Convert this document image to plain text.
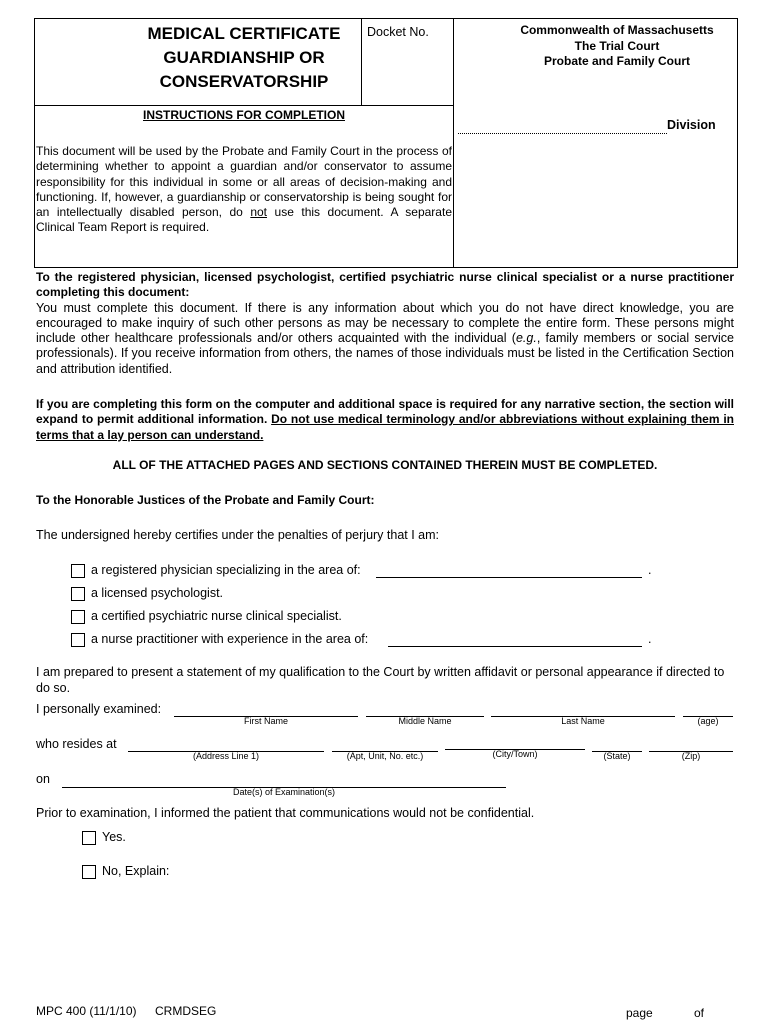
MEDICAL CERTIFICATE
GUARDIANSHIP OR
CONSERVATORSHIP
Docket No.	Commonwealth of Massachusetts
The Trial Court
Probate and Family Court
INSTRUCTIONS FOR COMPLETION
Division
This document will be used by the Probate and Family Court in the process of determining whether to appoint a guardian and/or conservator to assume responsibility for this individual in some or all areas of decision-making and functioning. If, however, a guardianship or conservatorship is being sought for an intellectually disabled person, do not use this document. A separate Clinical Team Report is required.
To the registered physician, licensed psychologist, certified psychiatric nurse clinical specialist or a nurse practitioner completing this document:
You must complete this document. If there is any information about which you do not have direct knowledge, you are encouraged to make inquiry of such other persons as may be necessary to complete the entire form. These persons might include other healthcare professionals and/or others acquainted with the individual (e.g., family members or social service professionals). If you receive information from others, the names of those individuals must be listed in the Certification Section and attribution identified.
If you are completing this form on the computer and additional space is required for any narrative section, the section will expand to permit additional information. Do not use medical terminology and/or abbreviations without explaining them in terms that a lay person can understand.
ALL OF THE ATTACHED PAGES AND SECTIONS CONTAINED THEREIN MUST BE COMPLETED.
To the Honorable Justices of the Probate and Family Court:
The undersigned hereby certifies under the penalties of perjury that I am:
a registered physician specializing in the area of:	.
a licensed psychologist.
a certified psychiatric nurse clinical specialist.
a nurse practitioner with experience in the area of:	.
I am prepared to present a statement of my qualification to the Court by written affidavit or personal appearance if directed to do so.
I personally examined:
First Name	Middle Name	Last Name	(age)
who resides at
(Address Line 1)	(Apt, Unit, No. etc.)	(City/Town)	(State)	(Zip)
on
Date(s) of Examination(s)
Prior to examination, I informed the patient that communications would not be confidential.
Yes.
No, Explain:
MPC 400 (11/1/10) CRMDSEG	page	of
